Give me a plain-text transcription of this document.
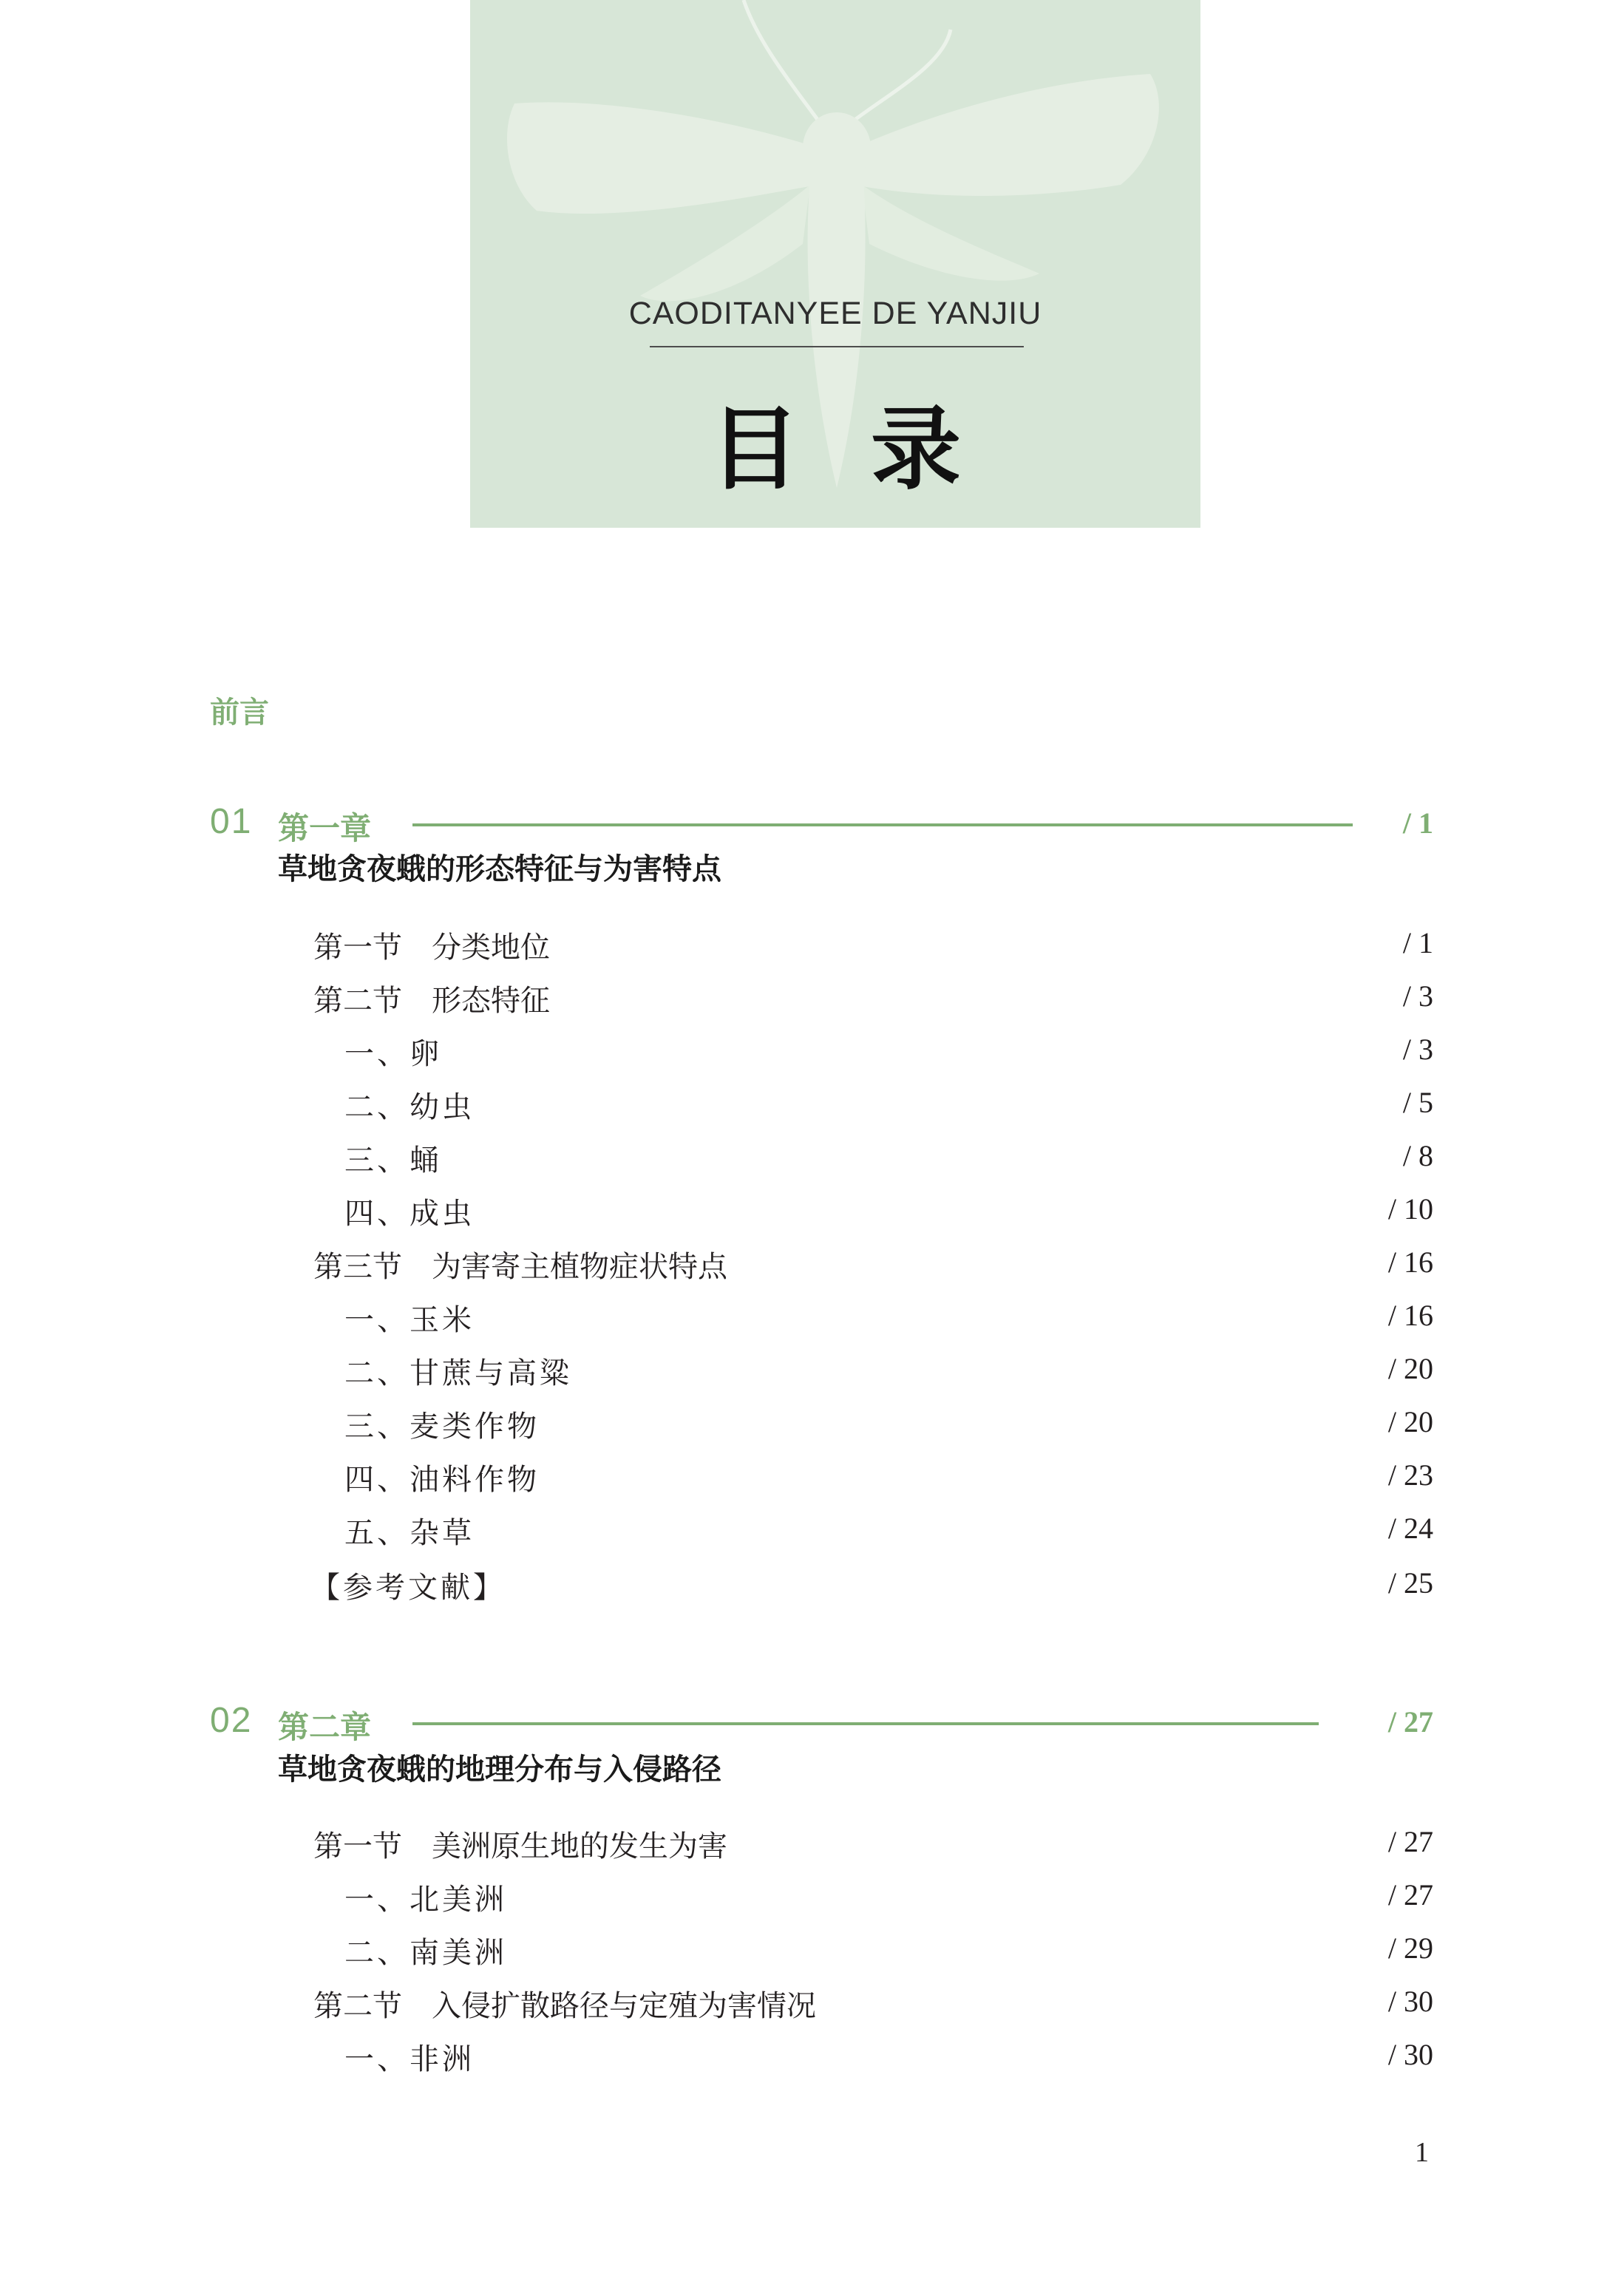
CAODITANYEE DE YANJIU
目录
前言
01 第一章	/ 1
草地贪夜蛾的形态特征与为害特点
第一节　分类地位	/ 1
第二节　形态特征	/ 3
一、卵	/ 3
二、幼虫	/ 5
三、蛹	/ 8
四、成虫	/ 10
第三节　为害寄主植物症状特点	/ 16
一、玉米	/ 16
二、甘蔗与高粱	/ 20
三、麦类作物	/ 20
四、油料作物	/ 23
五、杂草	/ 24
【参考文献】	/ 25
02 第二章	/ 27
草地贪夜蛾的地理分布与入侵路径
第一节　美洲原生地的发生为害	/ 27
一、北美洲	/ 27
二、南美洲	/ 29
第二节　入侵扩散路径与定殖为害情况	/ 30
一、非洲	/ 30
1
